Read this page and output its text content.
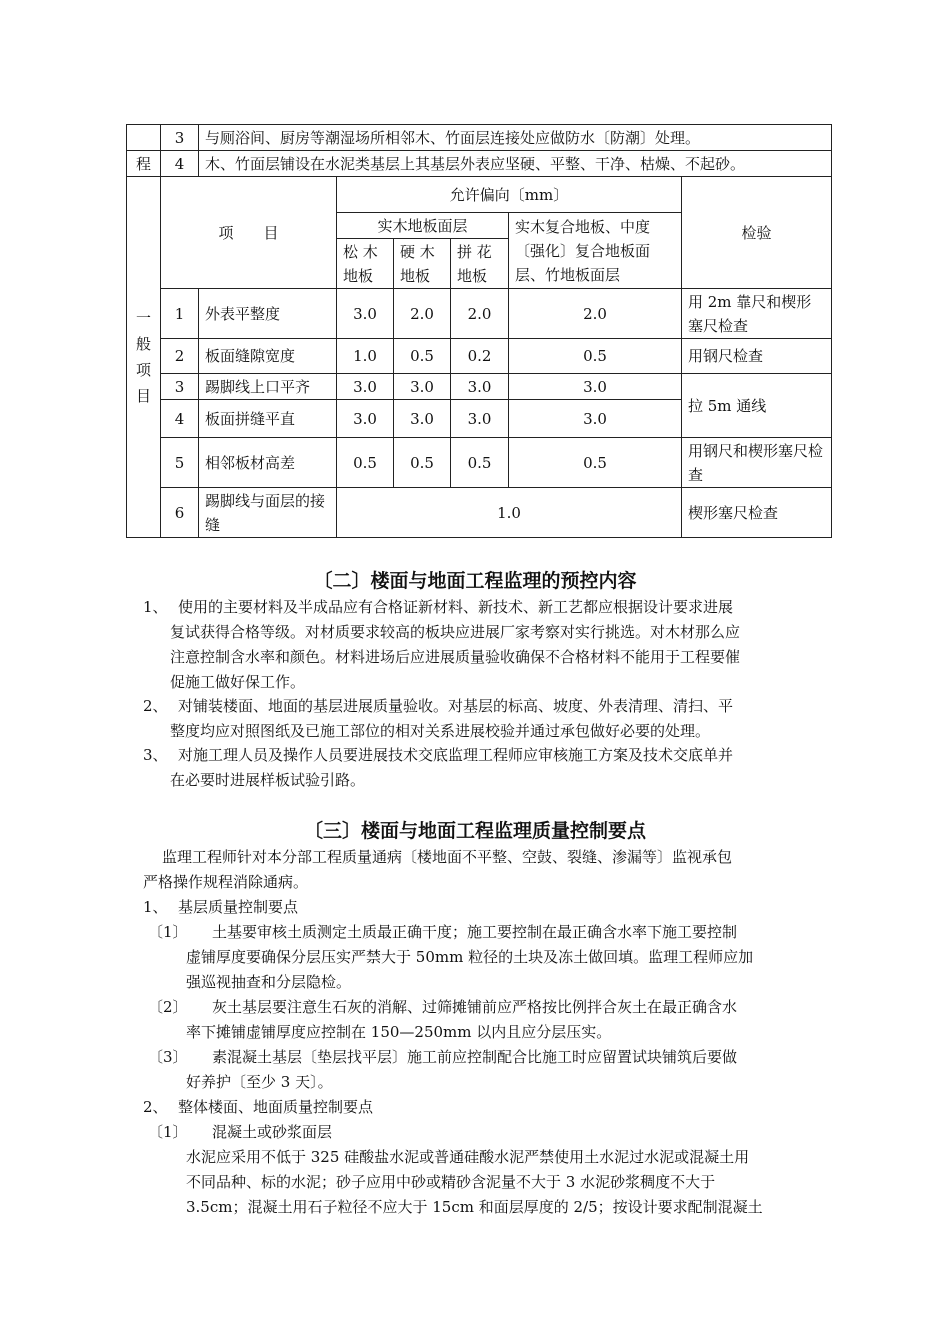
	3	与厕浴间、厨房等潮湿场所相邻木、竹面层连接处应做防水〔防潮〕处理。					
程	4	木、竹面层铺设在水泥类基层上其基层外表应坚硬、平整、干净、枯燥、不起砂。					

一
般
项
目	项　　目		允许偏向〔mm〕				检验
			实木地板面层			实木复合地板、中度〔强化〕复合地板面层、竹地板面层	
			松 木 地板	硬 木 地板	拼 花 地板		
	1	外表平整度	3.0	2.0	2.0	2.0	用 2m 靠尺和楔形塞尺检查
	2	板面缝隙宽度	1.0	0.5	0.2	0.5	用钢尺检查
	3	踢脚线上口平齐	3.0	3.0	3.0	3.0	拉 5m 通线
	4	板面拼缝平直	3.0	3.0	3.0	3.0	
	5	相邻板材高差	0.5	0.5	0.5	0.5	用钢尺和楔形塞尺检查
	6	踢脚线与面层的接缝	1.0				楔形塞尺检查
〔二〕楼面与地面工程监理的预控内容
1、 使用的主要材料及半成品应有合格证新材料、新技术、新工艺都应根据设计要求进展
复试获得合格等级。对材质要求较高的板块应进展厂家考察对实行挑选。对木材那么应
注意控制含水率和颜色。材料进场后应进展质量验收确保不合格材料不能用于工程要催
促施工做好保工作。
2、 对铺装楼面、地面的基层进展质量验收。对基层的标高、坡度、外表清理、清扫、平
整度均应对照图纸及已施工部位的相对关系进展校验并通过承包做好必要的处理。
3、 对施工理人员及操作人员要进展技术交底监理工程师应审核施工方案及技术交底单并
在必要时进展样板试验引路。
〔三〕楼面与地面工程监理质量控制要点
监理工程师针对本分部工程质量通病〔楼地面不平整、空鼓、裂缝、渗漏等〕监视承包
严格操作规程消除通病。
1、 基层质量控制要点
〔1〕 土基要审核土质测定土质最正确干度；施工要控制在最正确含水率下施工要控制
虚铺厚度要确保分层压实严禁大于 50mm 粒径的土块及冻土做回填。监理工程师应加
强巡视抽查和分层隐检。
〔2〕 灰土基层要注意生石灰的消解、过筛摊铺前应严格按比例拌合灰土在最正确含水
率下摊铺虚铺厚度应控制在 150—250mm 以内且应分层压实。
〔3〕 素混凝土基层〔垫层找平层〕施工前应控制配合比施工时应留置试块铺筑后要做
好养护〔至少 3 天〕。
2、 整体楼面、地面质量控制要点
〔1〕 混凝土或砂浆面层
水泥应采用不低于 325 硅酸盐水泥或普通硅酸水泥严禁使用土水泥过水泥或混凝土用
不同品种、标的水泥；砂子应用中砂或精砂含泥量不大于 3 水泥砂浆稠度不大于
3.5cm；混凝土用石子粒径不应大于 15cm 和面层厚度的 2/5；按设计要求配制混凝土
